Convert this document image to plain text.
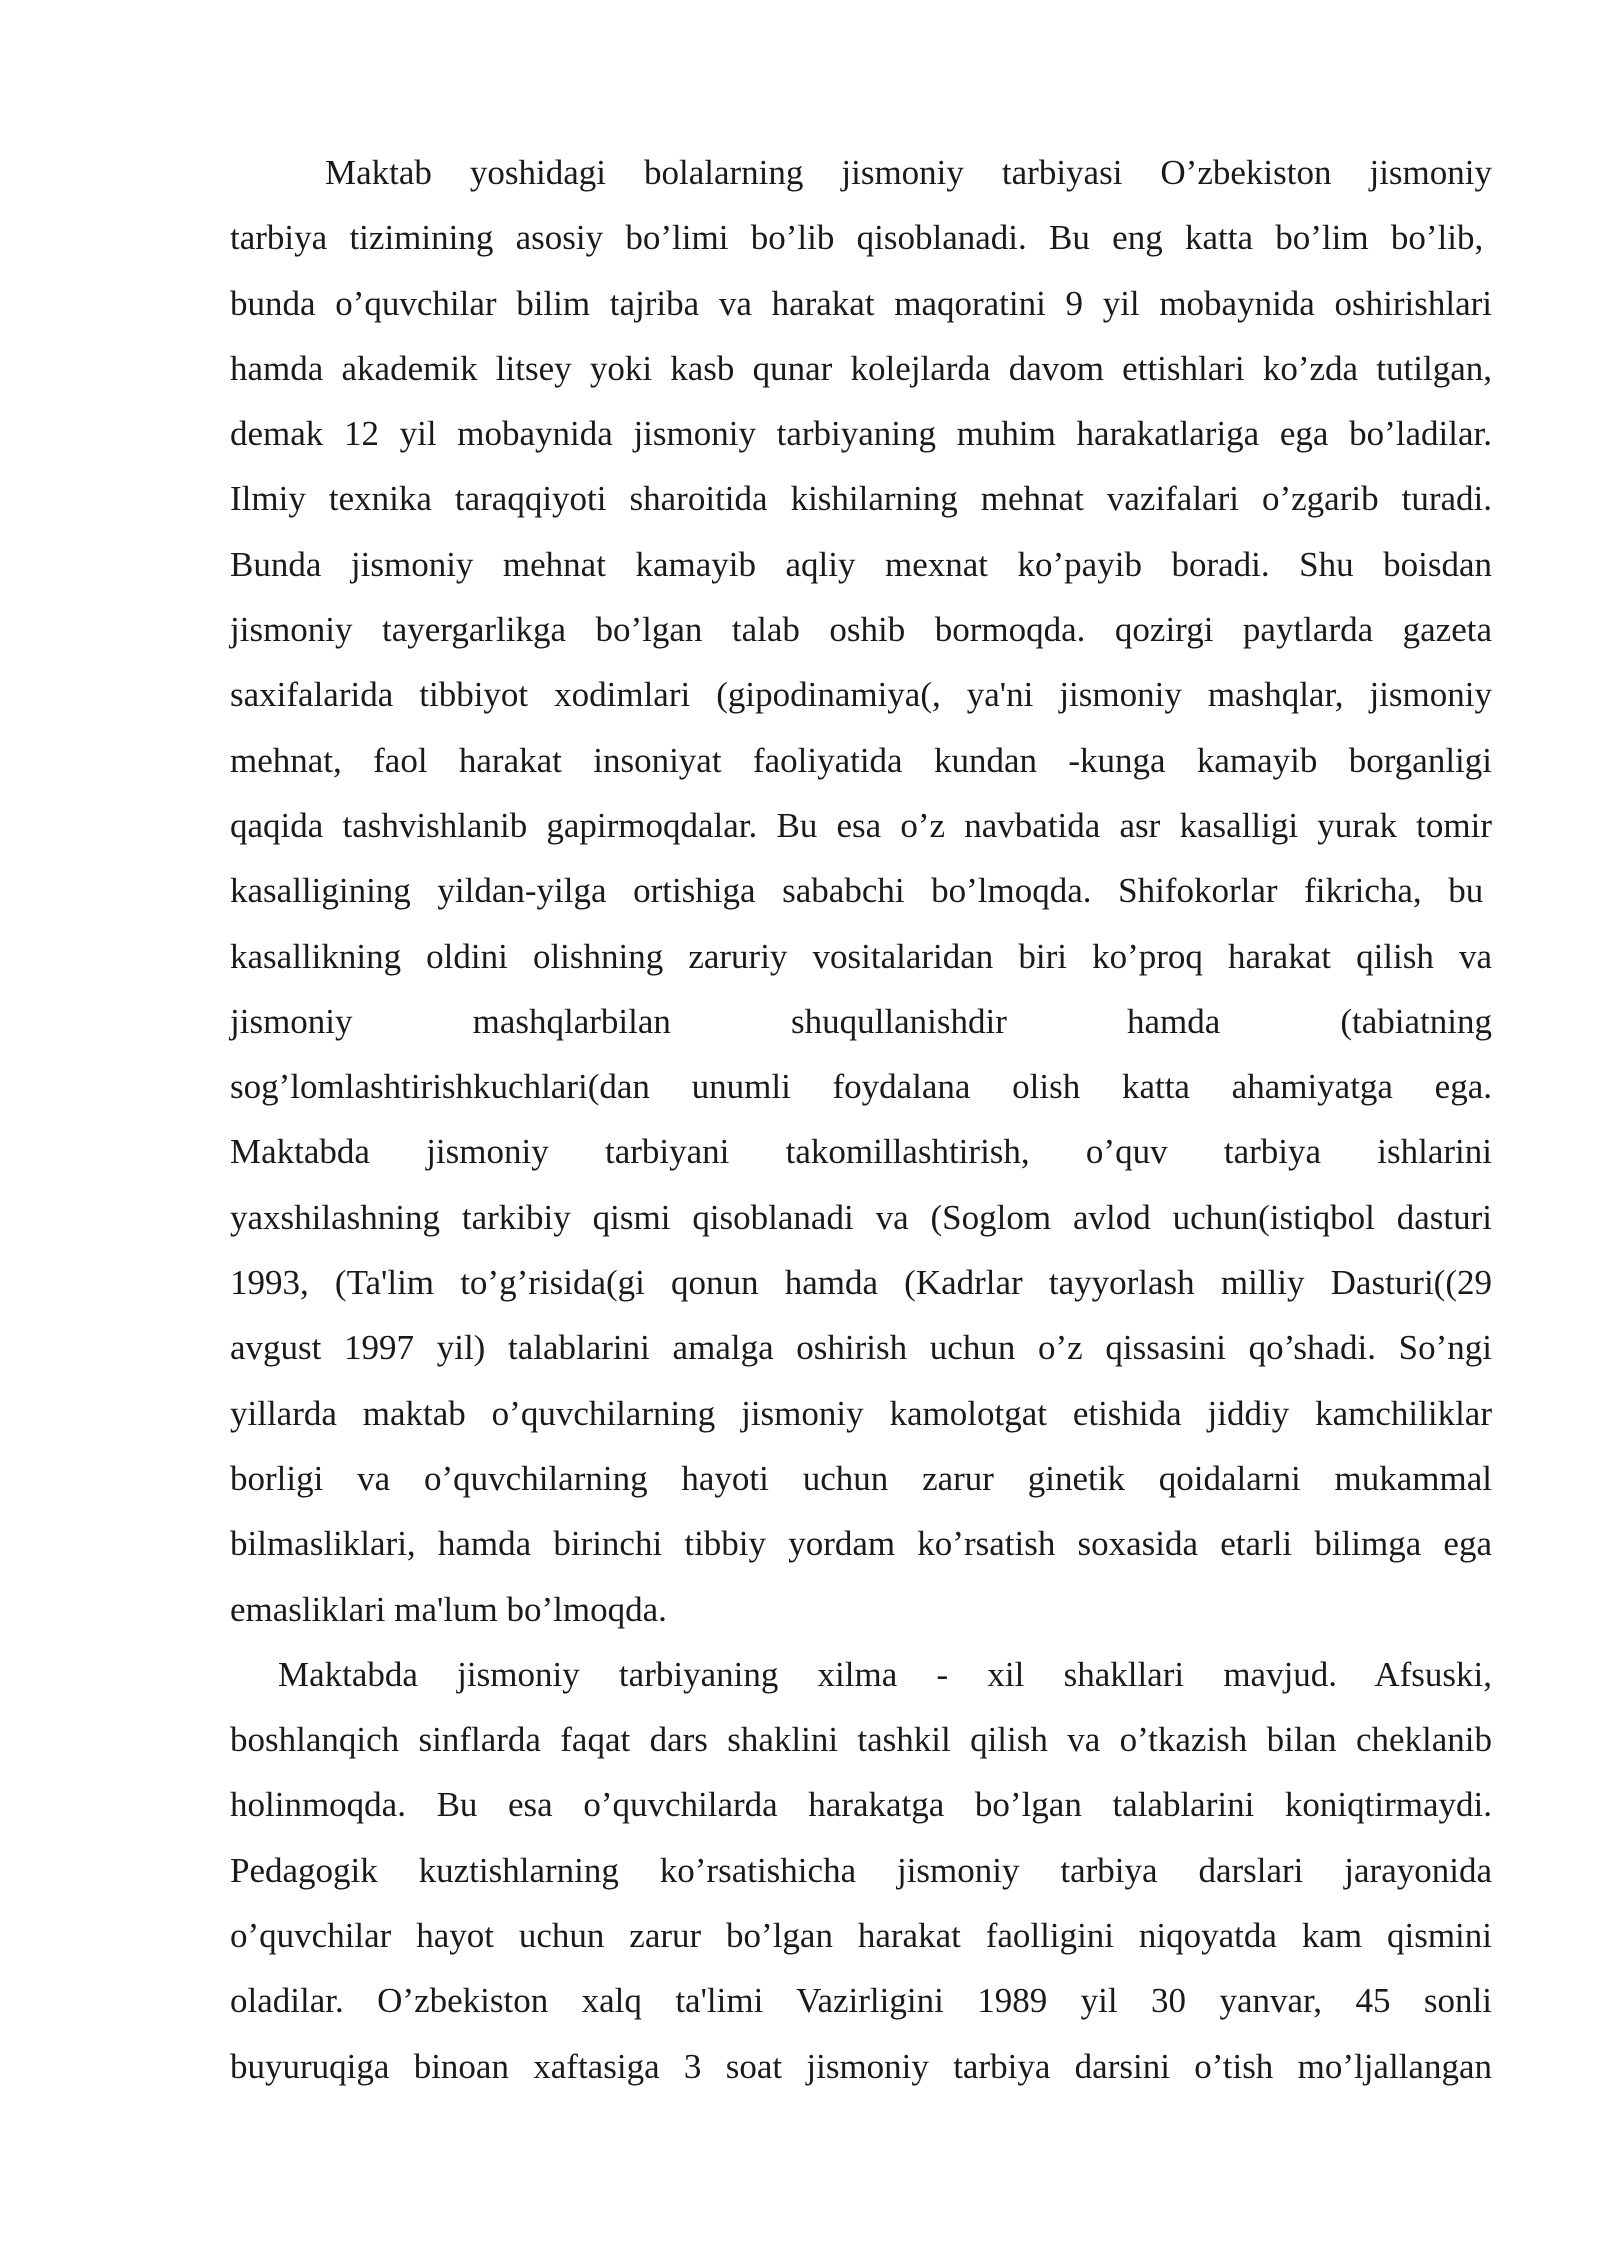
Maktab yoshidagi bolalarning jismoniy tarbiyasi O’zbekiston jismoniy
tarbiya tizimining asosiy bo’limi bo’lib qisoblanadi. Bu eng katta bo’lim bo’lib,
bunda o’quvchilar bilim tajriba va harakat maqoratini 9 yil mobaynida oshirishlari
hamda akademik litsey yoki kasb qunar kolejlarda davom ettishlari ko’zda tutilgan,
demak 12 yil mobaynida jismoniy tarbiyaning muhim harakatlariga ega bo’ladilar.
Ilmiy texnika taraqqiyoti sharoitida kishilarning mehnat vazifalari o’zgarib turadi.
Bunda jismoniy mehnat kamayib aqliy mexnat ko’payib boradi. Shu boisdan
jismoniy tayergarlikga bo’lgan talab oshib bormoqda. qozirgi paytlarda gazeta
saxifalarida tibbiyot xodimlari (gipodinamiya(, ya'ni jismoniy mashqlar, jismoniy
mehnat, faol harakat insoniyat faoliyatida kundan -kunga kamayib borganligi
qaqida tashvishlanib gapirmoqdalar. Bu esa o’z navbatida asr kasalligi yurak tomir
kasalligining yildan-yilga ortishiga sababchi bo’lmoqda. Shifokorlar fikricha, bu
kasallikning oldini olishning zaruriy vositalaridan biri ko’proq harakat qilish va
jismoniy mashqlarbilan shuqullanishdir hamda (tabiatning
sog’lomlashtirishkuchlari(dan unumli foydalana olish katta ahamiyatga ega.
Maktabda jismoniy tarbiyani takomillashtirish, o’quv tarbiya ishlarini
yaxshilashning tarkibiy qismi qisoblanadi va (Soglom avlod uchun(istiqbol dasturi
1993, (Ta'lim to’g’risida(gi qonun hamda (Kadrlar tayyorlash milliy Dasturi((29
avgust 1997 yil) talablarini amalga oshirish uchun o’z qissasini qo’shadi. So’ngi
yillarda maktab o’quvchilarning jismoniy kamolotgat etishida jiddiy kamchiliklar
borligi va o’quvchilarning hayoti uchun zarur ginetik qoidalarni mukammal
bilmasliklari, hamda birinchi tibbiy yordam ko’rsatish soxasida etarli bilimga ega
emasliklari ma'lum bo’lmoqda.
Maktabda jismoniy tarbiyaning xilma - xil shakllari mavjud. Afsuski,
boshlanqich sinflarda faqat dars shaklini tashkil qilish va o’tkazish bilan cheklanib
holinmoqda. Bu esa o’quvchilarda harakatga bo’lgan talablarini koniqtirmaydi.
Pedagogik kuztishlarning ko’rsatishicha jismoniy tarbiya darslari jarayonida
o’quvchilar hayot uchun zarur bo’lgan harakat faolligini niqoyatda kam qismini
oladilar. O’zbekiston xalq ta'limi Vazirligini 1989 yil 30 yanvar, 45 sonli
buyuruqiga binoan xaftasiga 3 soat jismoniy tarbiya darsini o’tish mo’ljallangan
